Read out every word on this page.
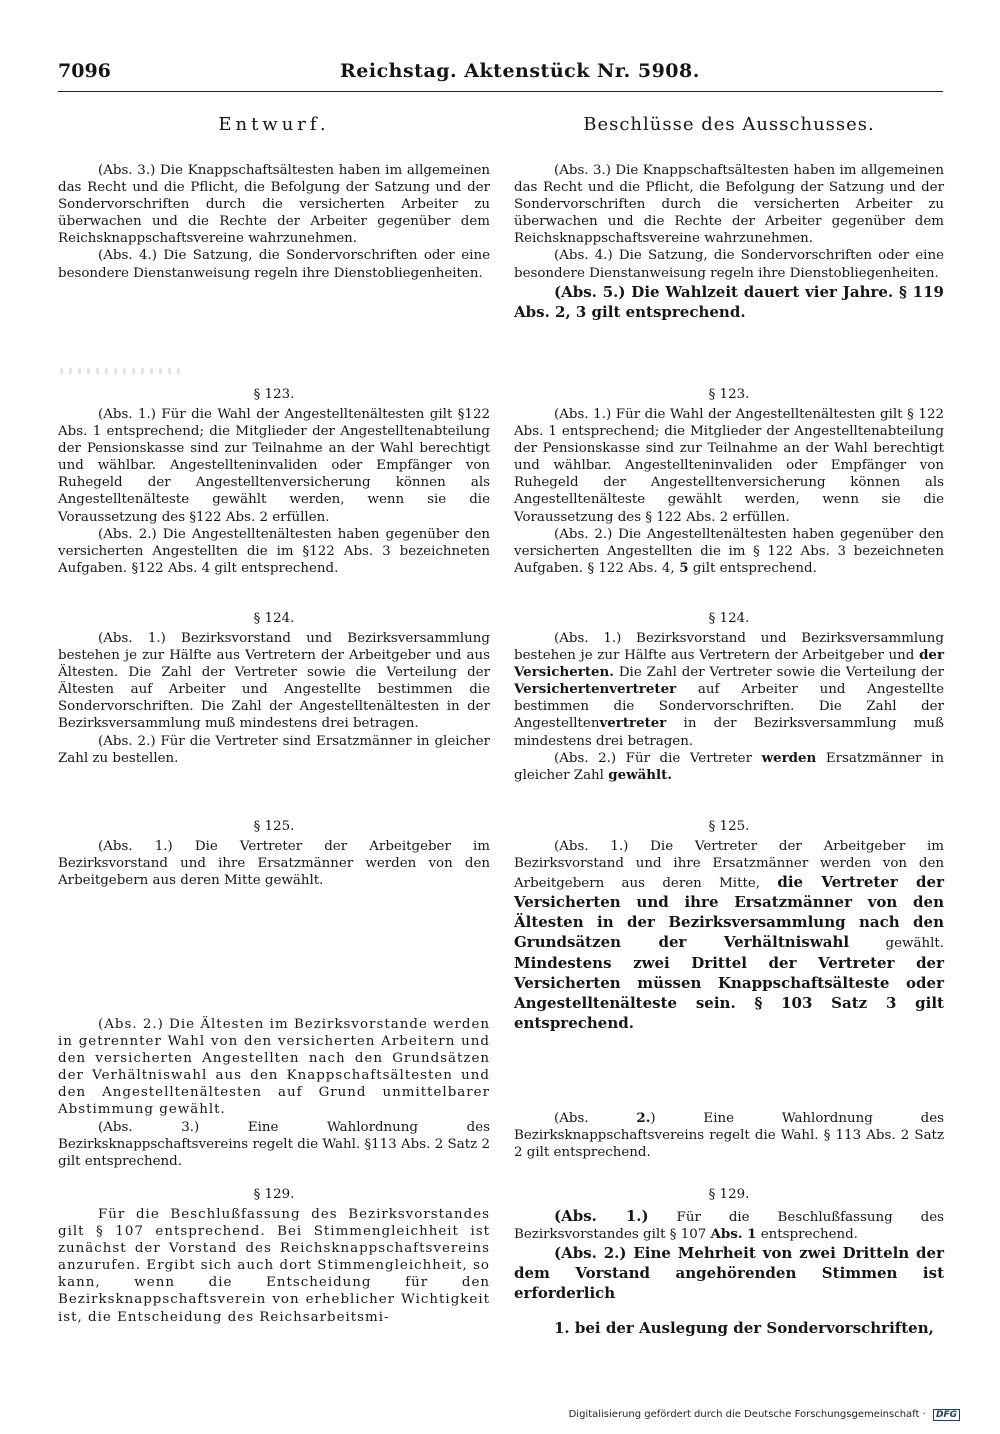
7096	Reichstag. Aktenstück Nr. 5908.
Entwurf.

(Abs. 3.) Die Knappschaftsältesten haben im allgemeinen das Recht und die Pflicht, die Befolgung der Satzung und der Sondervorschriften durch die versicherten Arbeiter zu überwachen und die Rechte der Arbeiter gegenüber dem Reichsknappschaftsvereine wahrzunehmen.

(Abs. 4.) Die Satzung, die Sondervorschriften oder eine besondere Dienstanweisung regeln ihre Dienstobliegenheiten.

§ 123.

(Abs. 1.) Für die Wahl der Angestelltenältesten gilt §122 Abs. 1 entsprechend; die Mitglieder der Angestelltenabteilung der Pensionskasse sind zur Teilnahme an der Wahl berechtigt und wählbar. Angestellteninvaliden oder Empfänger von Ruhegeld der Angestelltenversicherung können als Angestelltenälteste gewählt werden, wenn sie die Voraussetzung des §122 Abs. 2 erfüllen.

(Abs. 2.) Die Angestelltenältesten haben gegenüber den versicherten Angestellten die im §122 Abs. 3 bezeichneten Aufgaben. §122 Abs. 4 gilt entsprechend.

§ 124.

(Abs. 1.) Bezirksvorstand und Bezirksversammlung bestehen je zur Hälfte aus Vertretern der Arbeitgeber und aus Ältesten. Die Zahl der Vertreter sowie die Verteilung der Ältesten auf Arbeiter und Angestellte bestimmen die Sondervorschriften. Die Zahl der Angestelltenältesten in der Bezirksversammlung muß mindestens drei betragen.

(Abs. 2.) Für die Vertreter sind Ersatzmänner in gleicher Zahl zu bestellen.

§ 125.

(Abs. 1.) Die Vertreter der Arbeitgeber im Bezirksvorstand und ihre Ersatzmänner werden von den Arbeitgebern aus deren Mitte gewählt.

(Abs. 2.) Die Ältesten im Bezirksvorstande werden in getrennter Wahl von den versicherten Arbeitern und den versicherten Angestellten nach den Grundsätzen der Verhältniswahl aus den Knappschaftsältesten und den Angestelltenältesten auf Grund unmittelbarer Abstimmung gewählt.

(Abs. 3.) Eine Wahlordnung des Bezirksknappschaftsvereins regelt die Wahl. §113 Abs. 2 Satz 2 gilt entsprechend.

§ 129.

Für die Beschlußfassung des Bezirksvorstandes gilt § 107 entsprechend. Bei Stimmengleichheit ist zunächst der Vorstand des Reichsknappschaftsvereins anzurufen. Ergibt sich auch dort Stimmengleichheit, so kann, wenn die Entscheidung für den Bezirksknappschaftsverein von erheblicher Wichtigkeit ist, die Entscheidung des Reichsarbeitsmi-

Beschlüsse des Ausschusses.

(Abs. 3.) Die Knappschaftsältesten haben im allgemeinen das Recht und die Pflicht, die Befolgung der Satzung und der Sondervorschriften durch die versicherten Arbeiter zu überwachen und die Rechte der Arbeiter gegenüber dem Reichsknappschaftsvereine wahrzunehmen.

(Abs. 4.) Die Satzung, die Sondervorschriften oder eine besondere Dienstanweisung regeln ihre Dienstobliegenheiten.

(Abs. 5.) Die Wahlzeit dauert vier Jahre. § 119 Abs. 2, 3 gilt entsprechend.

§ 123.

(Abs. 1.) Für die Wahl der Angestelltenältesten gilt § 122 Abs. 1 entsprechend; die Mitglieder der Angestelltenabteilung der Pensionskasse sind zur Teilnahme an der Wahl berechtigt und wählbar. Angestellteninvaliden oder Empfänger von Ruhegeld der Angestelltenversicherung können als Angestelltenälteste gewählt werden, wenn sie die Voraussetzung des § 122 Abs. 2 erfüllen.

(Abs. 2.) Die Angestelltenältesten haben gegenüber den versicherten Angestellten die im § 122 Abs. 3 bezeichneten Aufgaben. § 122 Abs. 4, 5 gilt entsprechend.

§ 124.

(Abs. 1.) Bezirksvorstand und Bezirksversammlung bestehen je zur Hälfte aus Vertretern der Arbeitgeber und der Versicherten. Die Zahl der Vertreter sowie die Verteilung der Versichertenvertreter auf Arbeiter und Angestellte bestimmen die Sondervorschriften. Die Zahl der Angestelltenvertreter in der Bezirksversammlung muß mindestens drei betragen.

(Abs. 2.) Für die Vertreter werden Ersatzmänner in gleicher Zahl gewählt.

§ 125.

(Abs. 1.) Die Vertreter der Arbeitgeber im Bezirksvorstand und ihre Ersatzmänner werden von den Arbeitgebern aus deren Mitte, die Vertreter der Versicherten und ihre Ersatzmänner von den Ältesten in der Bezirksversammlung nach den Grundsätzen der Verhältniswahl gewählt. Mindestens zwei Drittel der Vertreter der Versicherten müssen Knappschaftsälteste oder Angestelltenälteste sein. § 103 Satz 3 gilt entsprechend.

(Abs. 2.) Eine Wahlordnung des Bezirksknappschaftsvereins regelt die Wahl. § 113 Abs. 2 Satz 2 gilt entsprechend.

§ 129.

(Abs. 1.) Für die Beschlußfassung des Bezirksvorstandes gilt § 107 Abs. 1 entsprechend.

(Abs. 2.) Eine Mehrheit von zwei Dritteln der dem Vorstand angehörenden Stimmen ist erforderlich

1. bei der Auslegung der Sondervorschriften,

Digitalisierung gefördert durch die Deutsche Forschungsgemeinschaft · DFG
